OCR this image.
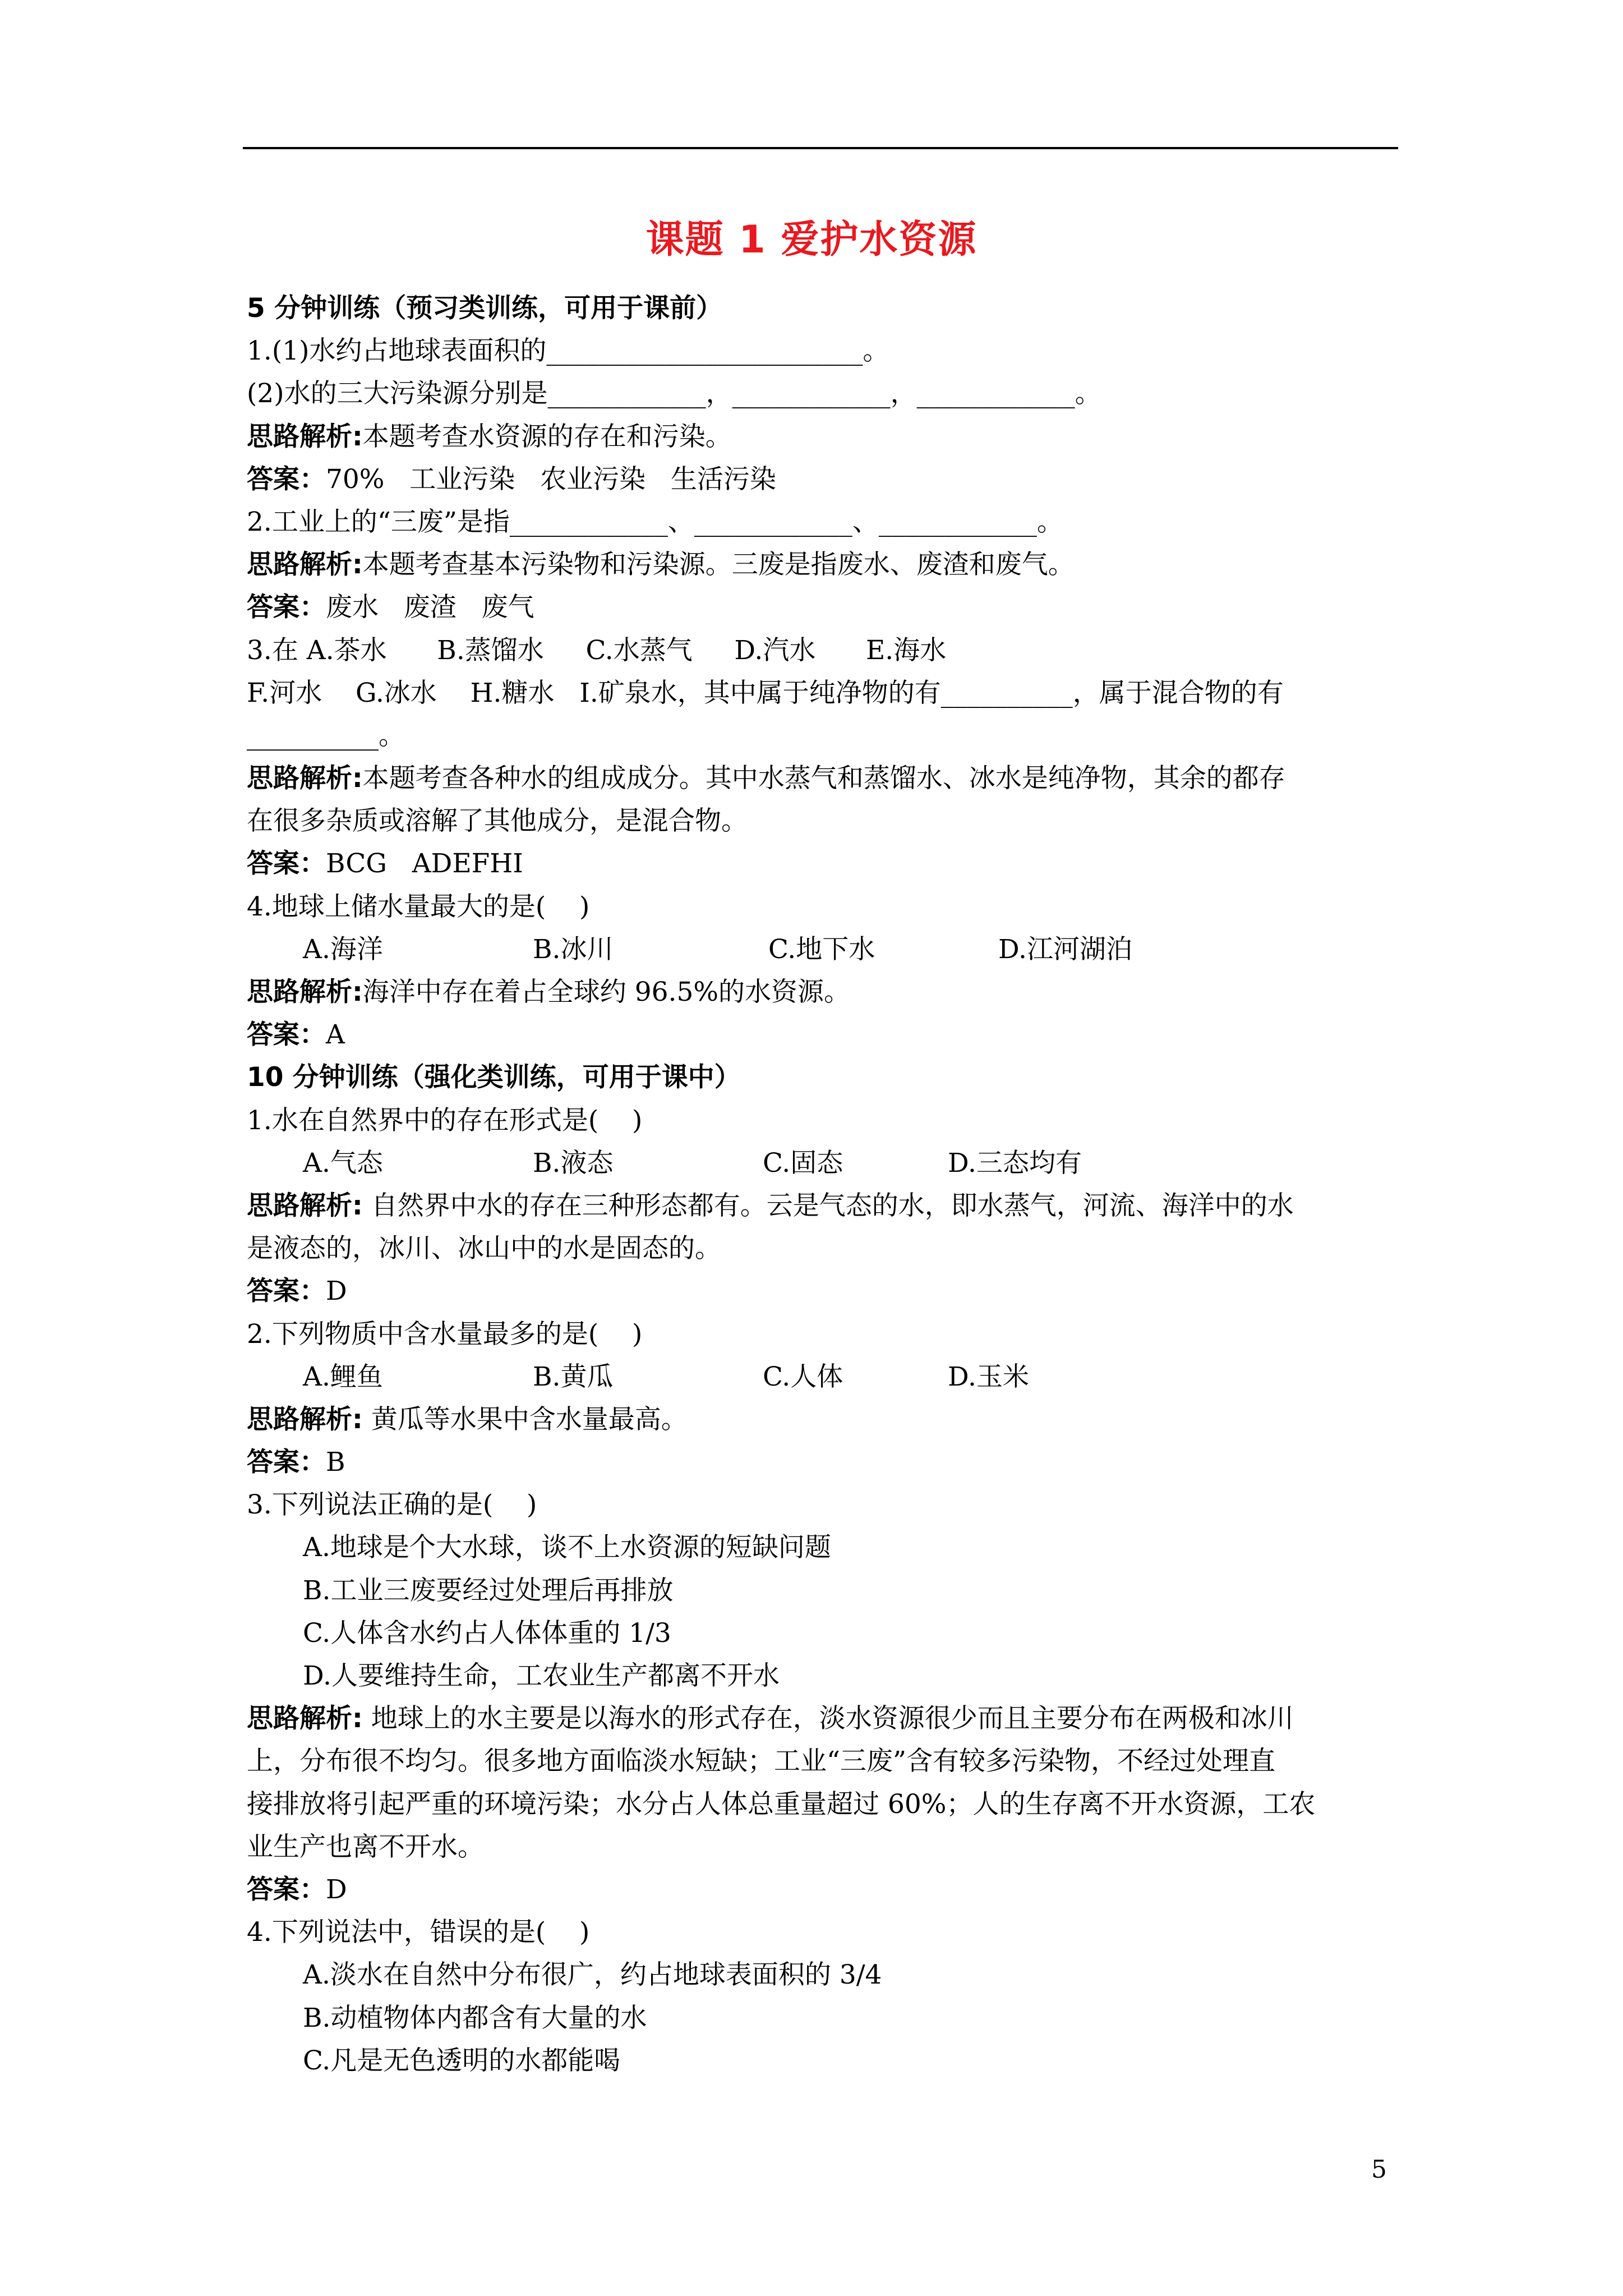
课题 1 爱护水资源
5 分钟训练（预习类训练，可用于课前）
1.(1)水约占地球表面积的________________________。
(2)水的三大污染源分别是____________，____________，____________。
思路解析:本题考查水资源的存在和污染。
答案：70%   工业污染   农业污染   生活污染
2.工业上的“三废”是指____________、____________、____________。
思路解析:本题考查基本污染物和污染源。三废是指废水、废渣和废气。
答案：废水   废渣   废气
3.在 A.茶水      B.蒸馏水     C.水蒸气     D.汽水      E.海水
F.河水    G.冰水    H.糖水   I.矿泉水，其中属于纯净物的有__________，属于混合物的有
__________。
思路解析:本题考查各种水的组成成分。其中水蒸气和蒸馏水、冰水是纯净物，其余的都存
在很多杂质或溶解了其他成分，是混合物。
答案：BCG   ADEFHI
4.地球上储水量最大的是(    )
A.海洋	B.冰川	C.地下水	D.江河湖泊
思路解析:海洋中存在着占全球约 96.5%的水资源。
答案：A
10 分钟训练（强化类训练，可用于课中）
1.水在自然界中的存在形式是(    )
A.气态	B.液态	C.固态	D.三态均有
思路解析: 自然界中水的存在三种形态都有。云是气态的水，即水蒸气，河流、海洋中的水
是液态的，冰川、冰山中的水是固态的。
答案：D
2.下列物质中含水量最多的是(    )
A.鲤鱼	B.黄瓜	C.人体	D.玉米
思路解析: 黄瓜等水果中含水量最高。
答案：B
3.下列说法正确的是(    )
A.地球是个大水球，谈不上水资源的短缺问题
B.工业三废要经过处理后再排放
C.人体含水约占人体体重的 1/3
D.人要维持生命，工农业生产都离不开水
思路解析: 地球上的水主要是以海水的形式存在，淡水资源很少而且主要分布在两极和冰川
上，分布很不均匀。很多地方面临淡水短缺；工业“三废”含有较多污染物，不经过处理直
接排放将引起严重的环境污染；水分占人体总重量超过 60%；人的生存离不开水资源，工农
业生产也离不开水。
答案：D
4.下列说法中，错误的是(    )
A.淡水在自然中分布很广，约占地球表面积的 3/4
B.动植物体内都含有大量的水
C.凡是无色透明的水都能喝
5
